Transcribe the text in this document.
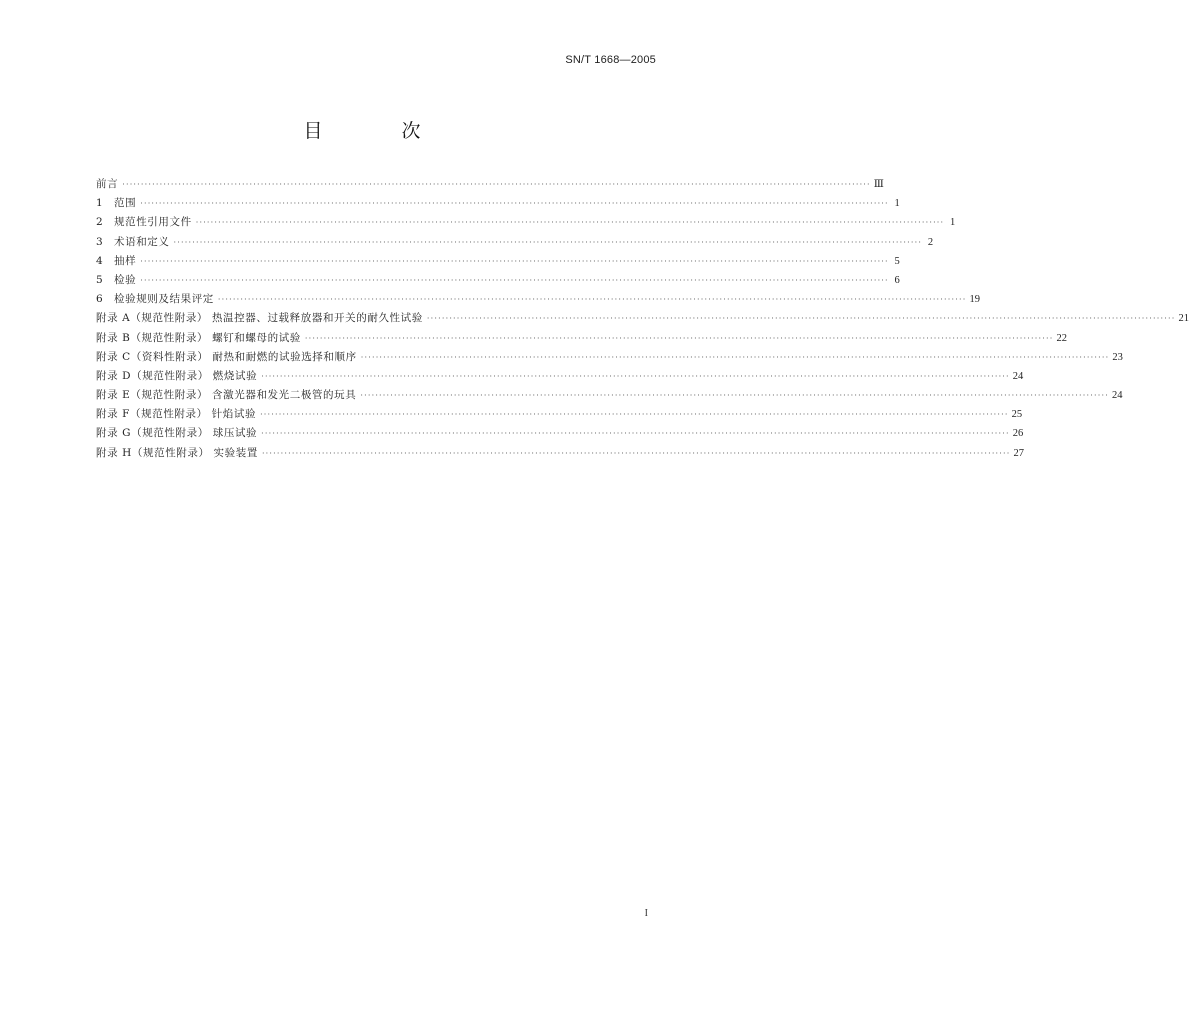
SN/T 1668—2005
目　次
前言 ········································································································································································································ Ⅲ
1 范围 ········································································································································································································ 1
2 规范性引用文件 ········································································································································································································ 1
3 术语和定义 ········································································································································································································ 2
4 抽样 ········································································································································································································ 5
5 检验 ········································································································································································································ 6
6 检验规则及结果评定 ········································································································································································································ 19
附录 A（规范性附录） 热温控器、过载释放器和开关的耐久性试验 ········································································································································································································ 21
附录 B（规范性附录） 螺钉和螺母的试验 ········································································································································································································ 22
附录 C（资料性附录） 耐热和耐燃的试验选择和顺序 ········································································································································································································ 23
附录 D（规范性附录） 燃烧试验 ········································································································································································································ 24
附录 E（规范性附录） 含激光器和发光二极管的玩具 ········································································································································································································ 24
附录 F（规范性附录） 针焰试验 ········································································································································································································ 25
附录 G（规范性附录） 球压试验 ········································································································································································································ 26
附录 H（规范性附录） 实验装置 ········································································································································································································ 27
I
